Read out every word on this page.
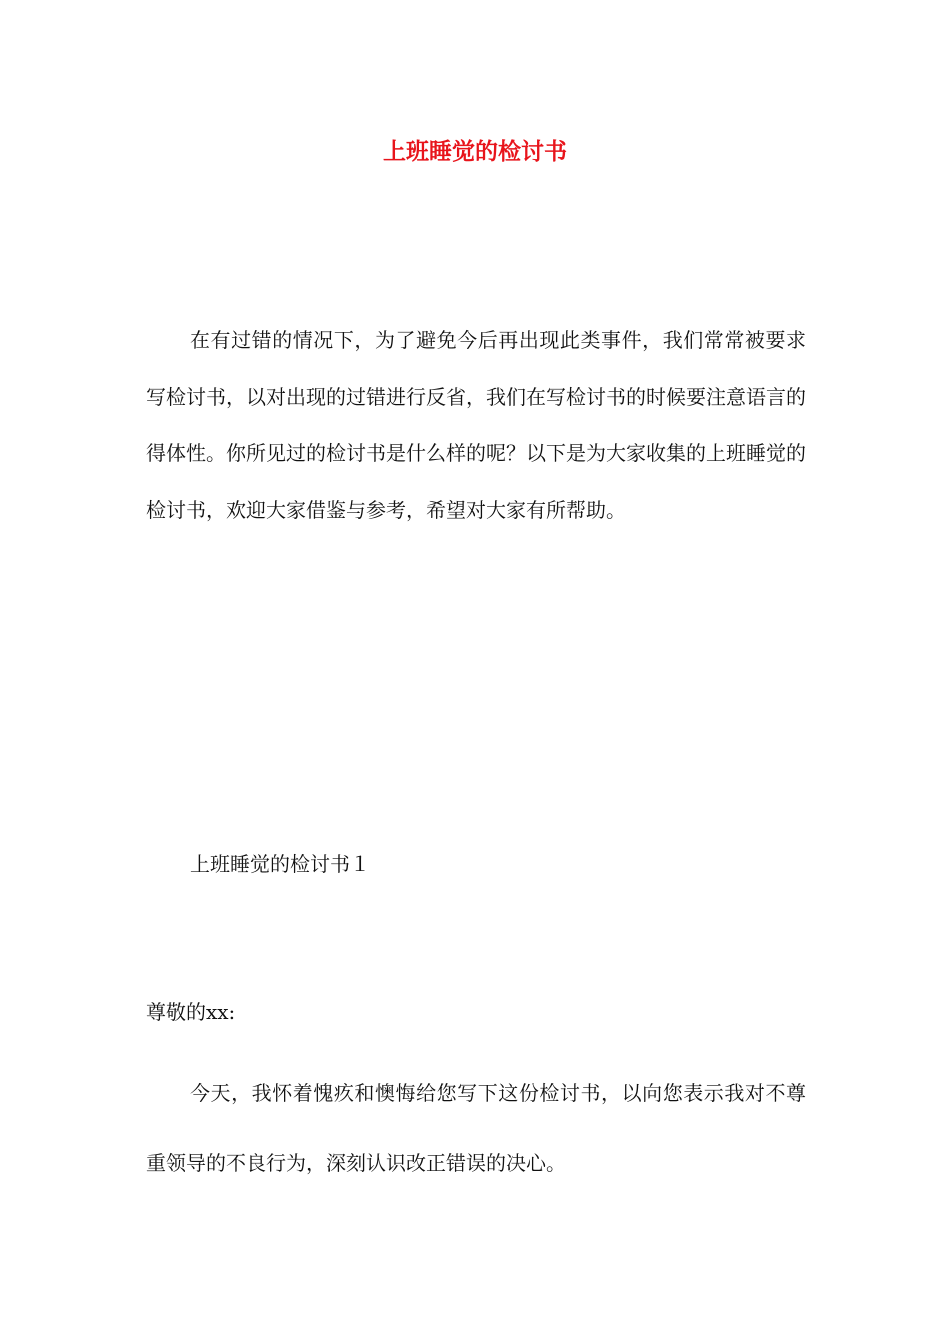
上班睡觉的检讨书

在有过错的情况下，为了避免今后再出现此类事件，我们常常被要求写检讨书，以对出现的过错进行反省，我们在写检讨书的时候要注意语言的得体性。你所见过的检讨书是什么样的呢？以下是为大家收集的上班睡觉的检讨书，欢迎大家借鉴与参考，希望对大家有所帮助。

上班睡觉的检讨书１

尊敬的xx:

今天，我怀着愧疚和懊悔给您写下这份检讨书，以向您表示我对不尊重领导的不良行为，深刻认识改正错误的决心。
